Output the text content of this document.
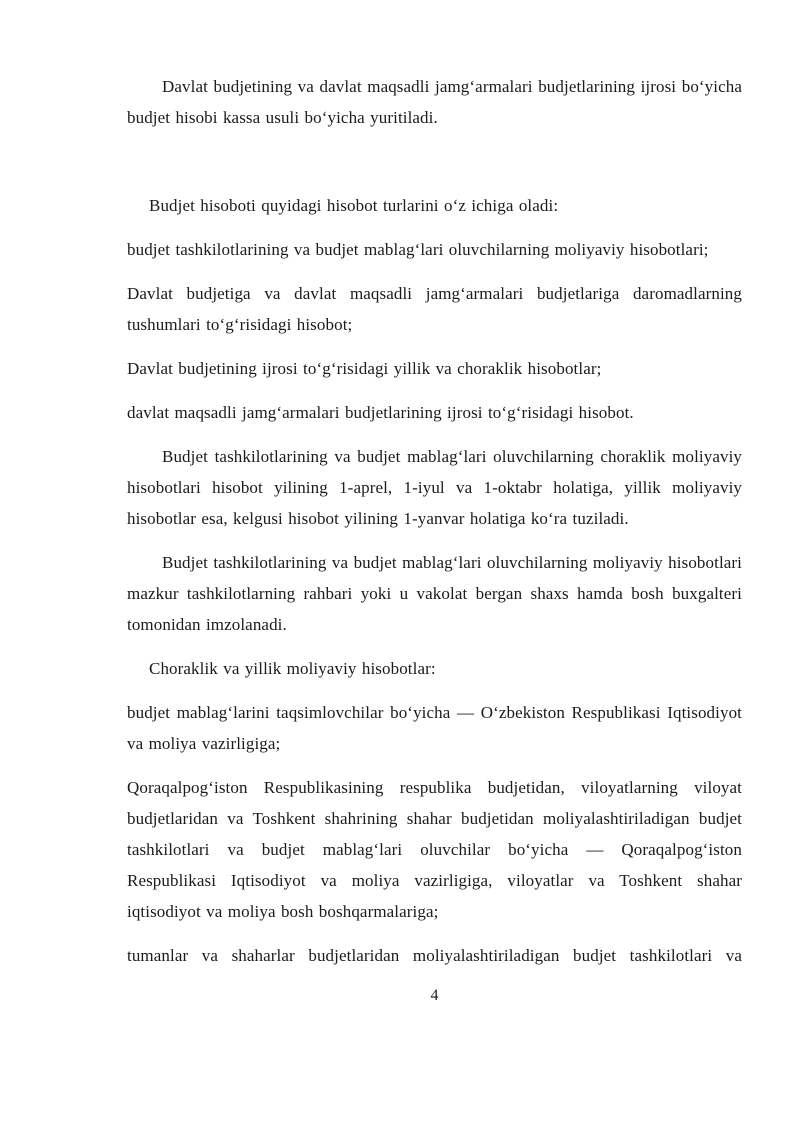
Davlat budjetining va davlat maqsadli jamgʻarmalari budjetlarining ijrosi boʻyicha budjet hisobi kassa usuli boʻyicha yuritiladi.

Budjet hisoboti quyidagi hisobot turlarini oʻz ichiga oladi:

budjet tashkilotlarining va budjet mablagʻlari oluvchilarning moliyaviy hisobotlari;

Davlat budjetiga va davlat maqsadli jamgʻarmalari budjetlariga daromadlarning tushumlari toʻgʻrisidagi hisobot;

Davlat budjetining ijrosi toʻgʻrisidagi yillik va choraklik hisobotlar;

davlat maqsadli jamgʻarmalari budjetlarining ijrosi toʻgʻrisidagi hisobot.

Budjet tashkilotlarining va budjet mablagʻlari oluvchilarning choraklik moliyaviy hisobotlari hisobot yilining 1-aprel, 1-iyul va 1-oktabr holatiga, yillik moliyaviy hisobotlar esa, kelgusi hisobot yilining 1-yanvar holatiga koʻra tuziladi.

Budjet tashkilotlarining va budjet mablagʻlari oluvchilarning moliyaviy hisobotlari mazkur tashkilotlarning rahbari yoki u vakolat bergan shaxs hamda bosh buxgalteri tomonidan imzolanadi.

Choraklik va yillik moliyaviy hisobotlar:

budjet mablagʻlarini taqsimlovchilar boʻyicha — Oʻzbekiston Respublikasi Iqtisodiyot va moliya vazirligiga;

Qoraqalpogʻiston Respublikasining respublika budjetidan, viloyatlarning viloyat budjetlaridan va Toshkent shahrining shahar budjetidan moliyalashtiriladigan budjet tashkilotlari va budjet mablagʻlari oluvchilar boʻyicha — Qoraqalpogʻiston Respublikasi Iqtisodiyot va moliya vazirligiga, viloyatlar va Toshkent shahar iqtisodiyot va moliya bosh boshqarmalariga;

tumanlar va shaharlar budjetlaridan moliyalashtiriladigan budjet tashkilotlari va

4
